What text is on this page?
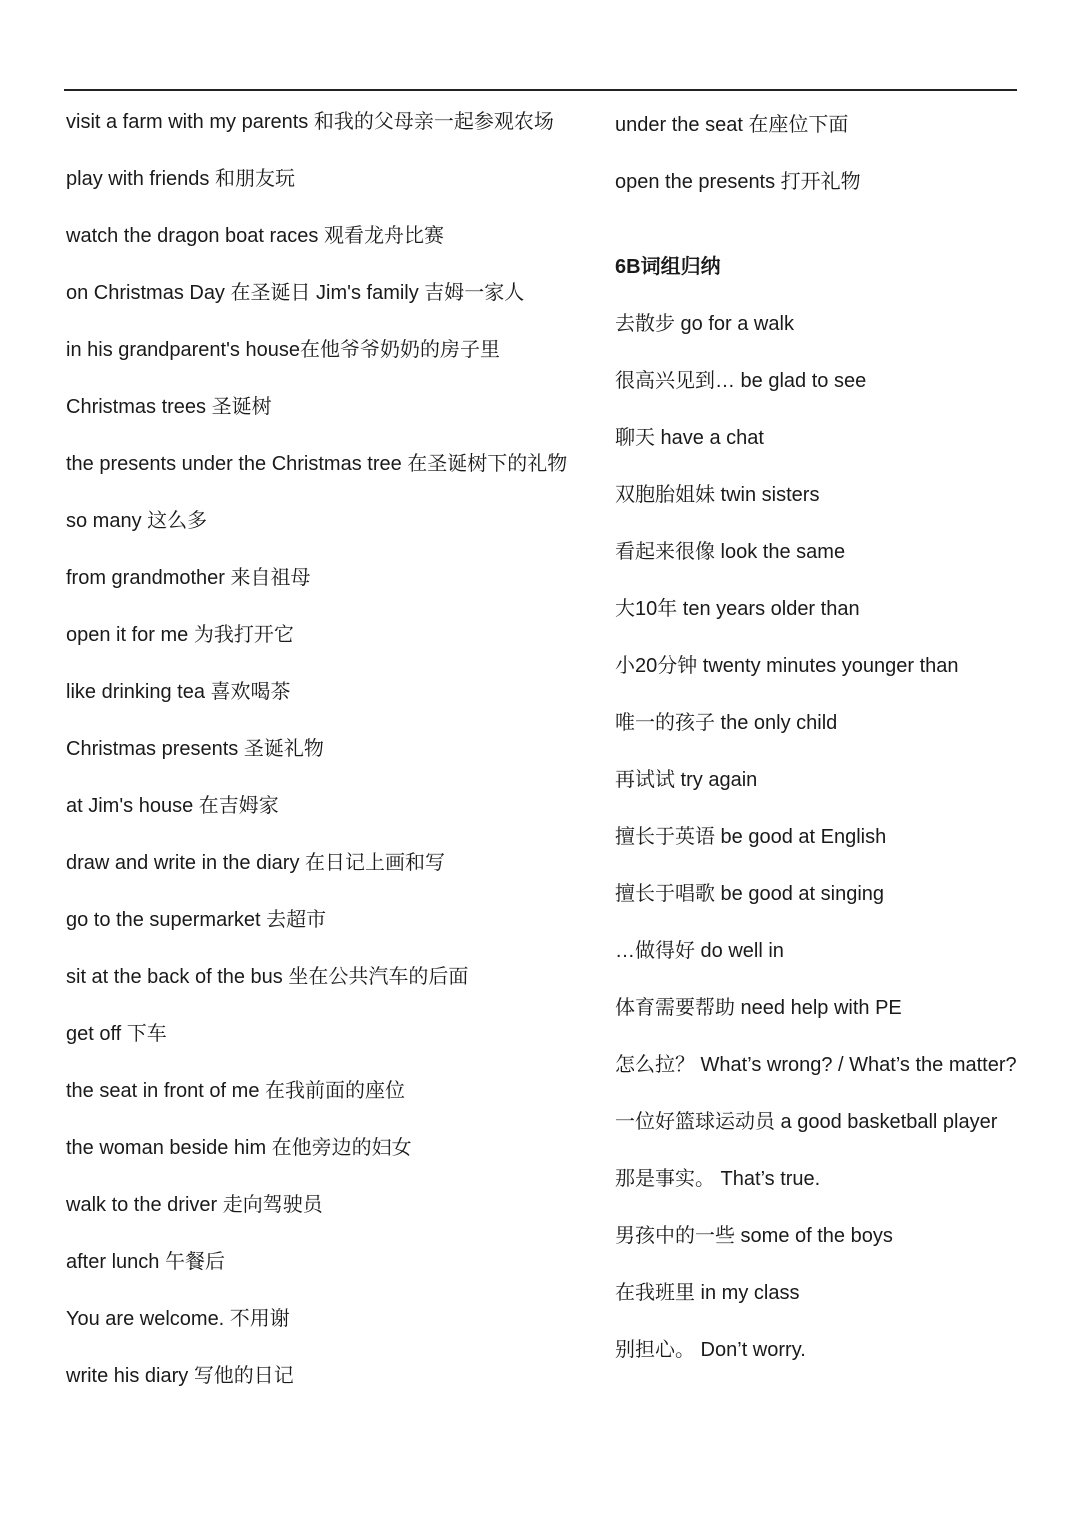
visit a farm with my parents 和我的父母亲一起参观农场
play with friends 和朋友玩
watch the dragon boat races 观看龙舟比赛
on Christmas Day 在圣诞日 Jim's family 吉姆一家人
in his grandparent's house在他爷爷奶奶的房子里
Christmas trees 圣诞树
the presents under the Christmas tree 在圣诞树下的礼物
so many 这么多
from grandmother 来自祖母
open it for me 为我打开它
like drinking tea 喜欢喝茶
Christmas presents 圣诞礼物
at Jim's house 在吉姆家
draw and write in the diary 在日记上画和写
go to the supermarket 去超市
sit at the back of the bus 坐在公共汽车的后面
get off 下车
the seat in front of me 在我前面的座位
the woman beside him 在他旁边的妇女
walk to the driver 走向驾驶员
after lunch 午餐后
You are welcome. 不用谢
write his diary 写他的日记
under the seat 在座位下面
open the presents 打开礼物
6B词组归纳
去散步 go for a walk
很高兴见到… be glad to see
聊天 have a chat
双胞胎姐妹 twin sisters
看起来很像 look the same
大10年 ten years older than
小20分钟 twenty minutes younger than
唯一的孩子 the only child
再试试 try again
擅长于英语 be good at English
擅长于唱歌 be good at singing
…做得好 do well in
体育需要帮助 need help with PE
怎么拉？ What’s wrong? / What’s the matter?
一位好篮球运动员 a good basketball player
那是事实。 That’s true.
男孩中的一些 some of the boys
在我班里 in my class
别担心。 Don’t worry.
